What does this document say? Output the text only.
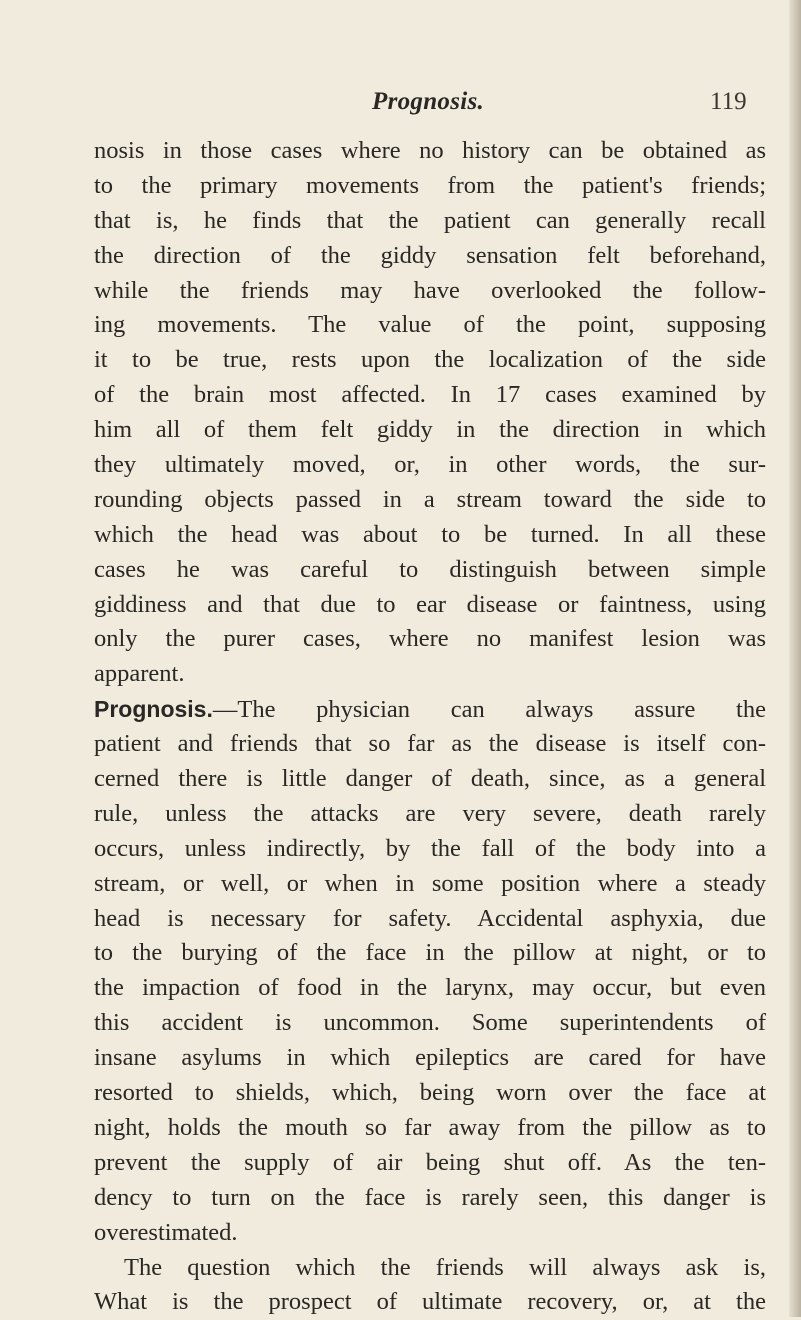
Prognosis.	119
nosis in those cases where no history can be obtained as
to the primary movements from the patient's friends;
that is, he finds that the patient can generally recall
the direction of the giddy sensation felt beforehand,
while the friends may have overlooked the follow-
ing movements. The value of the point, supposing
it to be true, rests upon the localization of the side
of the brain most affected. In 17 cases examined by
him all of them felt giddy in the direction in which
they ultimately moved, or, in other words, the sur-
rounding objects passed in a stream toward the side to
which the head was about to be turned. In all these
cases he was careful to distinguish between simple
giddiness and that due to ear disease or faintness, using
only the purer cases, where no manifest lesion was
apparent.
Prognosis.—The physician can always assure the
patient and friends that so far as the disease is itself con-
cerned there is little danger of death, since, as a general
rule, unless the attacks are very severe, death rarely
occurs, unless indirectly, by the fall of the body into a
stream, or well, or when in some position where a steady
head is necessary for safety. Accidental asphyxia, due
to the burying of the face in the pillow at night, or to
the impaction of food in the larynx, may occur, but even
this accident is uncommon. Some superintendents of
insane asylums in which epileptics are cared for have
resorted to shields, which, being worn over the face at
night, holds the mouth so far away from the pillow as to
prevent the supply of air being shut off. As the ten-
dency to turn on the face is rarely seen, this danger is
overestimated.
The question which the friends will always ask is,
What is the prospect of ultimate recovery, or, at the
